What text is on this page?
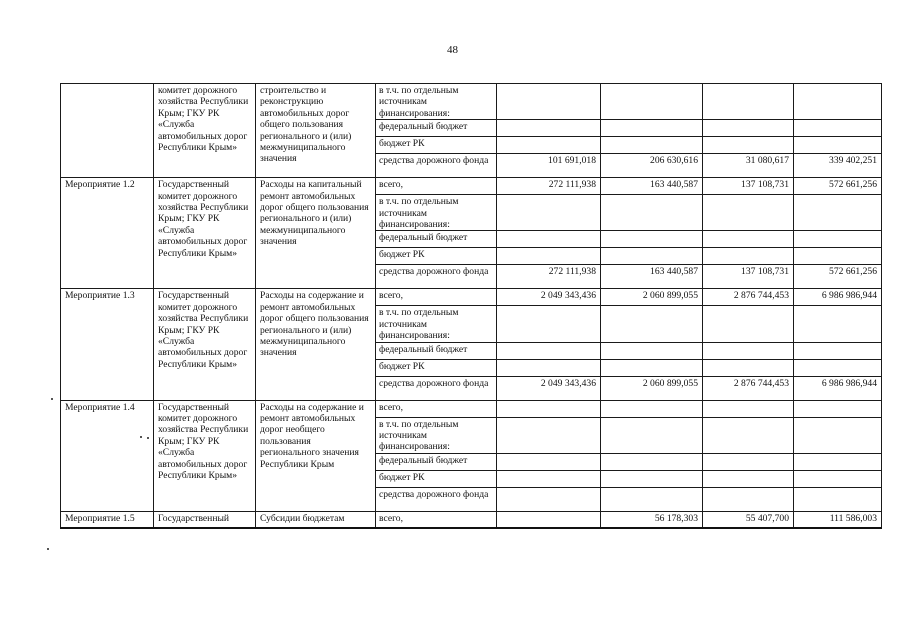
48
	комитет дорожного хозяйства Республики Крым; ГКУ РК «Служба автомобильных дорог Республики Крым»	строительство и реконструкцию автомобильных дорог общего пользования регионального и (или) межмуниципального значения	в т.ч. по отдельным источникам финансирования:				
			федеральный бюджет				
			бюджет РК				
			средства дорожного фонда	101 691,018	206 630,616	31 080,617	339 402,251
Мероприятие 1.2	Государственный комитет дорожного хозяйства Республики Крым; ГКУ РК «Служба автомобильных дорог Республики Крым»	Расходы на капитальный ремонт автомобильных дорог общего пользования регионального и (или) межмуниципального значения	всего,	272 111,938	163 440,587	137 108,731	572 661,256
			в т.ч. по отдельным источникам финансирования:				
			федеральный бюджет				
			бюджет РК				
			средства дорожного фонда	272 111,938	163 440,587	137 108,731	572 661,256
Мероприятие 1.3	Государственный комитет дорожного хозяйства Республики Крым; ГКУ РК «Служба автомобильных дорог Республики Крым»	Расходы на содержание и ремонт автомобильных дорог общего пользования регионального и (или) межмуниципального значения	всего,	2 049 343,436	2 060 899,055	2 876 744,453	6 986 986,944
			в т.ч. по отдельным источникам финансирования:				
			федеральный бюджет				
			бюджет РК				
			средства дорожного фонда	2 049 343,436	2 060 899,055	2 876 744,453	6 986 986,944
Мероприятие 1.4	Государственный комитет дорожного хозяйства Республики Крым; ГКУ РК «Служба автомобильных дорог Республики Крым»	Расходы на содержание и ремонт автомобильных дорог необщего пользования регионального значения Республики Крым	всего,				
			в т.ч. по отдельным источникам финансирования:				
			федеральный бюджет				
			бюджет РК				
			средства дорожного фонда				
Мероприятие 1.5	Государственный	Субсидии бюджетам	всего,		56 178,303	55 407,700	111 586,003
